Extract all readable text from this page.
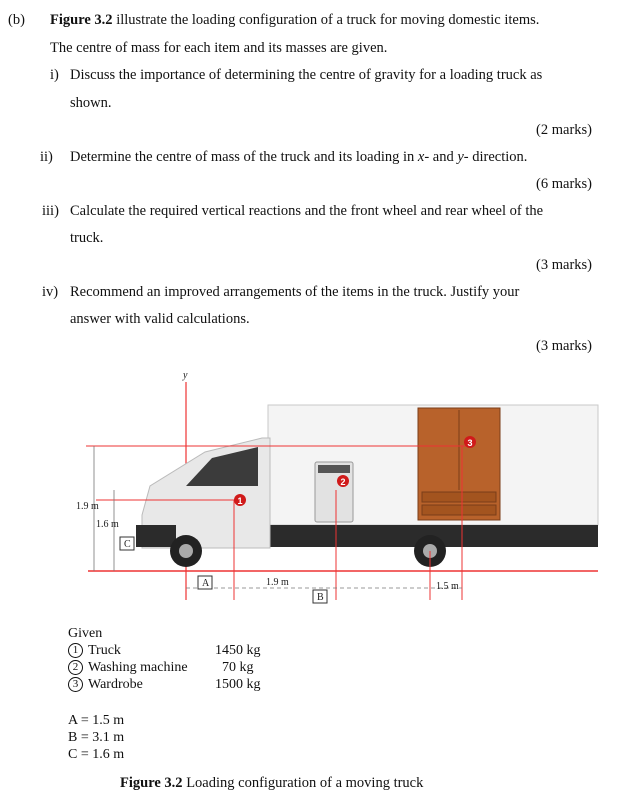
(b) Figure 3.2 illustrate the loading configuration of a truck for moving domestic items.
The centre of mass for each item and its masses are given.
i) Discuss the importance of determining the centre of gravity for a loading truck as
shown.
(2 marks)
ii) Determine the centre of mass of the truck and its loading in x- and y- direction.
(6 marks)
iii) Calculate the required vertical reactions and the front wheel and rear wheel of the
truck.
(3 marks)
iv) Recommend an improved arrangements of the items in the truck. Justify your
answer with valid calculations.
(3 marks)
y
1
2
3
1.9 m
1.6 m
C
A	1.9 m
B
1.5 m
Given
1 Truck	1450 kg
2 Washing machine 70 kg
3 Wardrobe	1500 kg
A = 1.5 m
B = 3.1 m
C = 1.6 m
Figure 3.2 Loading configuration of a moving truck
